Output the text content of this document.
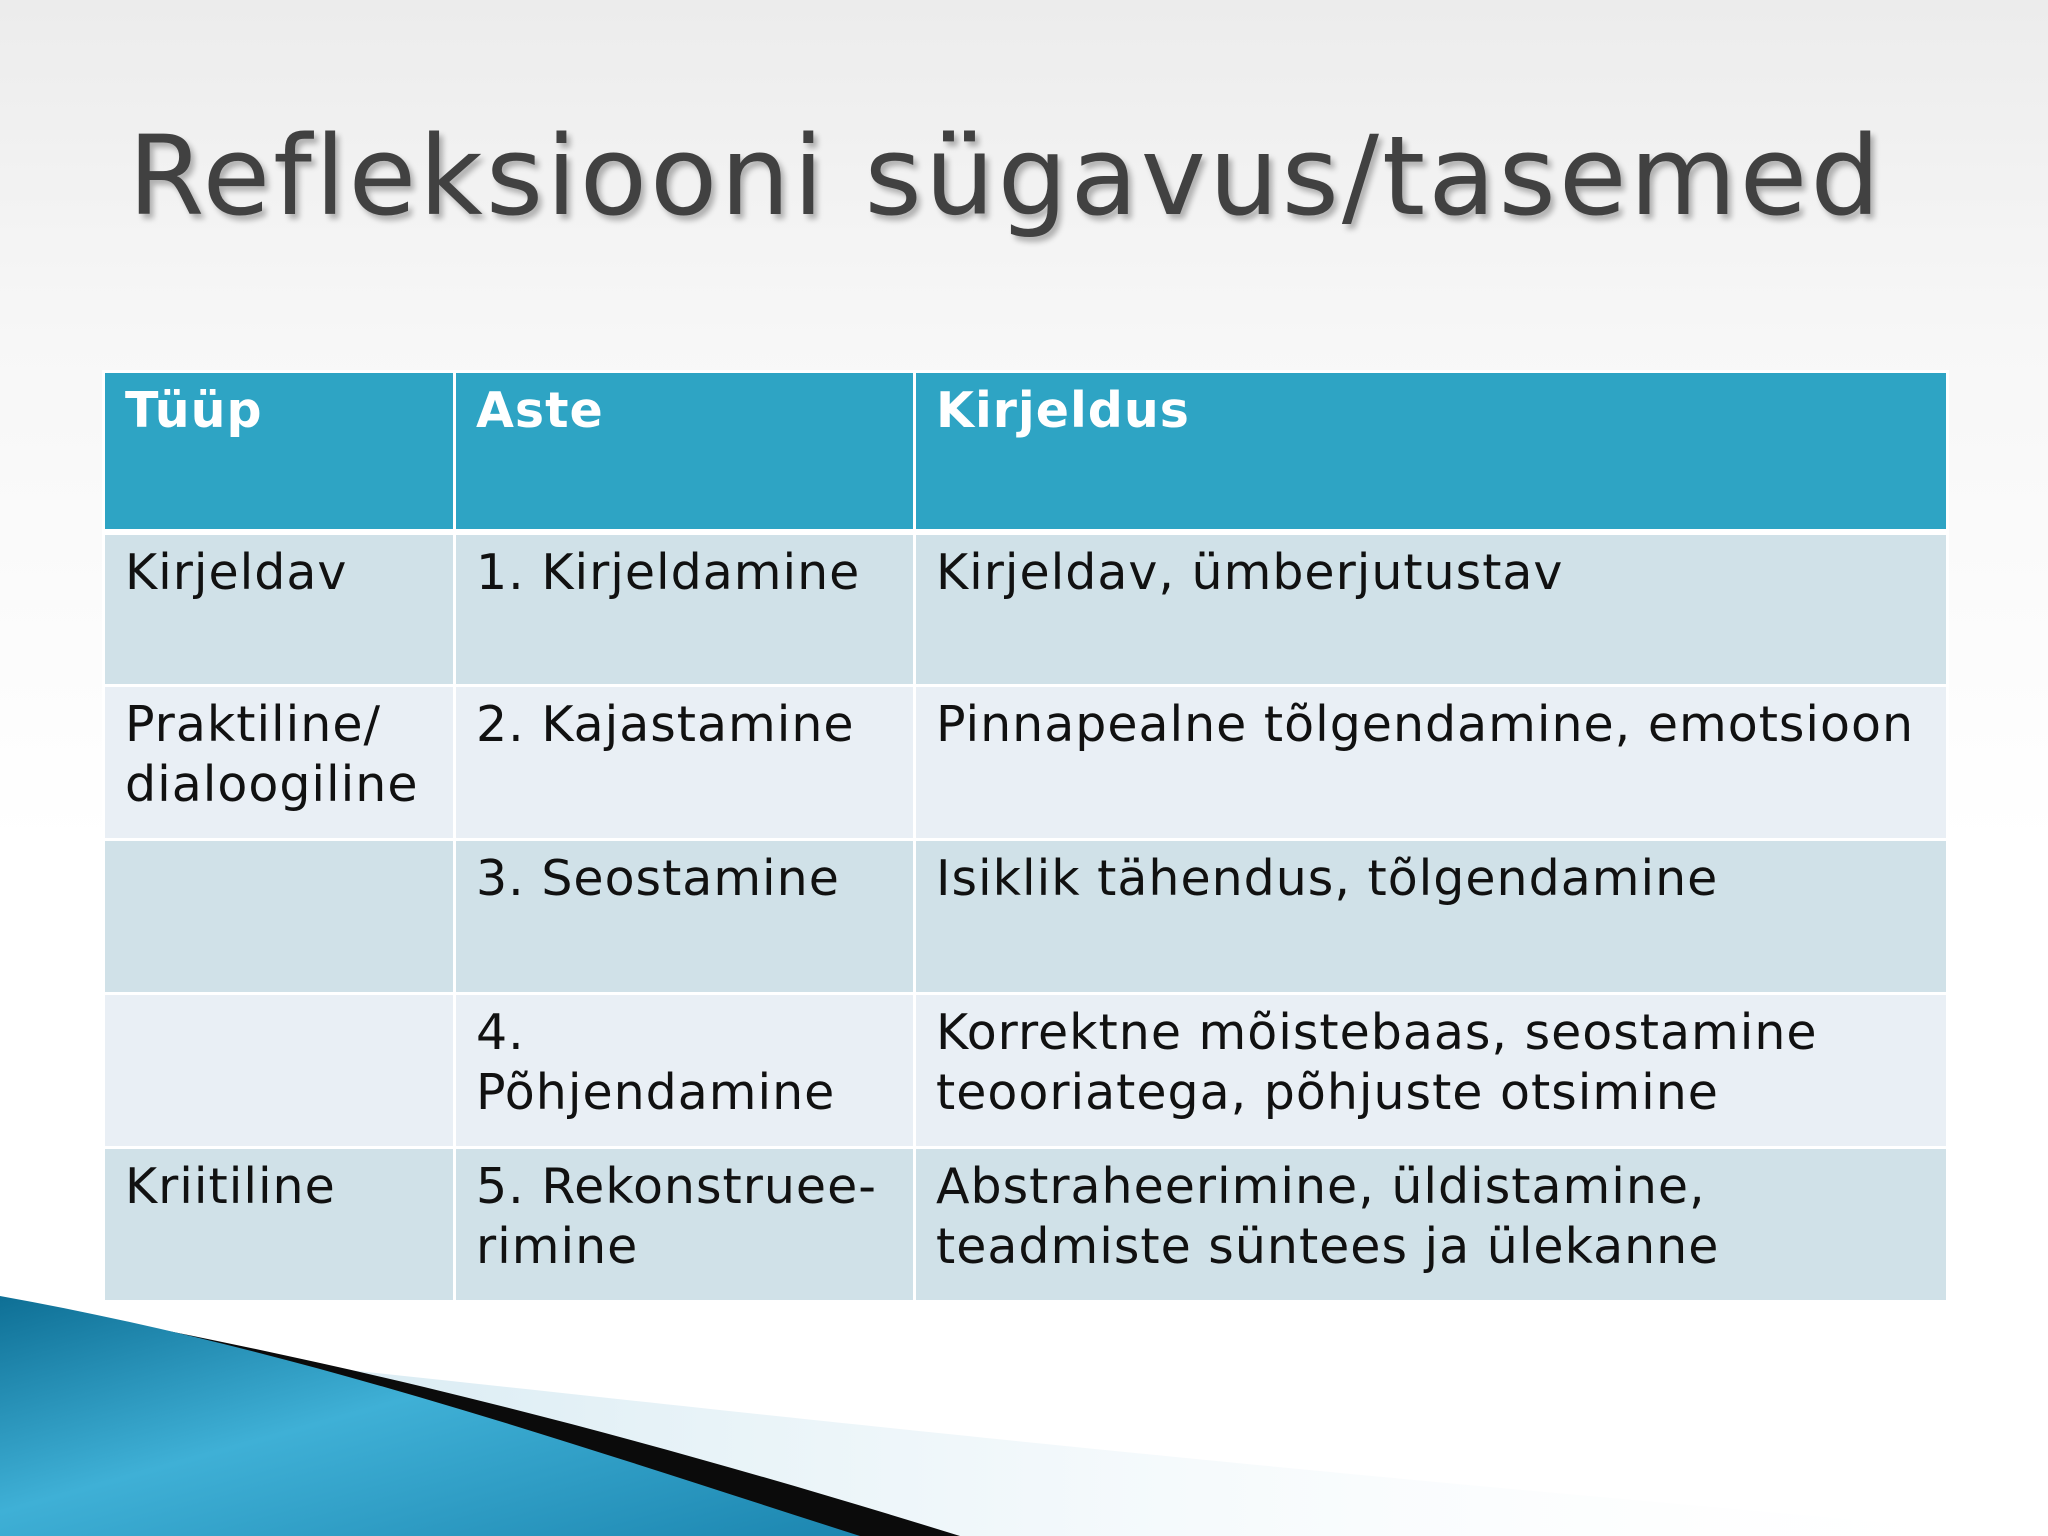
Refleksiooni sügavus/tasemed
Tüüp	Aste	Kirjeldus
Kirjeldav	1. Kirjeldamine	Kirjeldav, ümberjutustav
Praktiline/ dialoogiline	2. Kajastamine	Pinnapealne tõlgendamine, emotsioon
	3. Seostamine	Isiklik tähendus, tõlgendamine
	4. Põhjendamine	Korrektne mõistebaas, seostamine teooriatega, põhjuste otsimine
Kriitiline	5. Rekonstruee-rimine	Abstraheerimine, üldistamine, teadmiste süntees ja ülekanne
